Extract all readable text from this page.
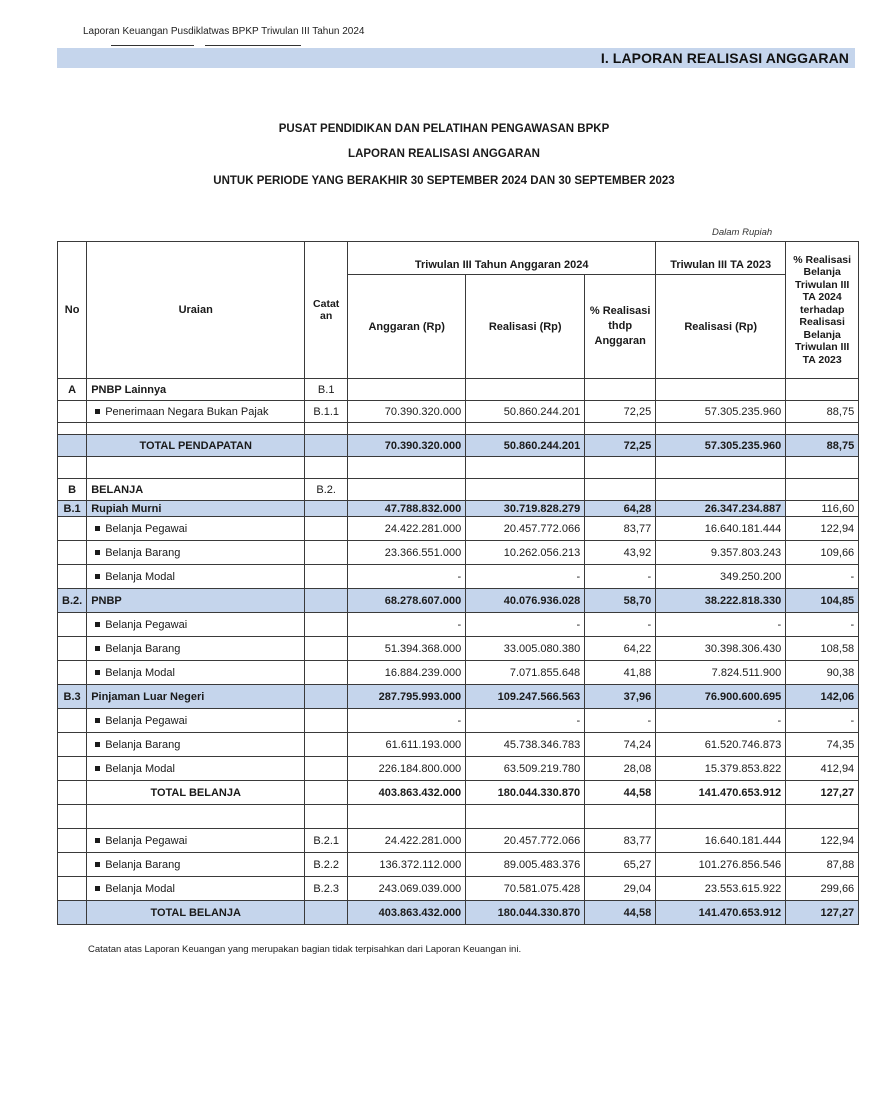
Laporan Keuangan Pusdiklatwas BPKP Triwulan III Tahun 2024
I. LAPORAN REALISASI ANGGARAN
PUSAT PENDIDIKAN DAN PELATIHAN PENGAWASAN BPKP
LAPORAN REALISASI ANGGARAN
UNTUK PERIODE YANG BERAKHIR 30 SEPTEMBER 2024 DAN 30 SEPTEMBER 2023
Dalam Rupiah
No	Uraian	Catat an	Triwulan III Tahun Anggaran 2024			Triwulan III TA 2023	% Realisasi Belanja Triwulan III TA 2024 terhadap Realisasi Belanja Triwulan III TA 2023
			Anggaran (Rp)	Realisasi (Rp)	% Realisasi thdp Anggaran	Realisasi (Rp)	
A	PNBP Lainnya	B.1					
	Penerimaan Negara Bukan Pajak	B.1.1	70.390.320.000	50.860.244.201	72,25	57.305.235.960	88,75

	TOTAL PENDAPATAN		70.390.320.000	50.860.244.201	72,25	57.305.235.960	88,75

B	BELANJA	B.2.					
B.1	Rupiah Murni		47.788.832.000	30.719.828.279	64,28	26.347.234.887	116,60
	Belanja Pegawai		24.422.281.000	20.457.772.066	83,77	16.640.181.444	122,94
	Belanja Barang		23.366.551.000	10.262.056.213	43,92	9.357.803.243	109,66
	Belanja Modal		-	-	-	349.250.200	-
B.2.	PNBP		68.278.607.000	40.076.936.028	58,70	38.222.818.330	104,85
	Belanja Pegawai		-	-	-	-	-
	Belanja Barang		51.394.368.000	33.005.080.380	64,22	30.398.306.430	108,58
	Belanja Modal		16.884.239.000	7.071.855.648	41,88	7.824.511.900	90,38
B.3	Pinjaman Luar Negeri		287.795.993.000	109.247.566.563	37,96	76.900.600.695	142,06
	Belanja Pegawai		-	-	-	-	-
	Belanja Barang		61.611.193.000	45.738.346.783	74,24	61.520.746.873	74,35
	Belanja Modal		226.184.800.000	63.509.219.780	28,08	15.379.853.822	412,94
	TOTAL BELANJA		403.863.432.000	180.044.330.870	44,58	141.470.653.912	127,27

	Belanja Pegawai	B.2.1	24.422.281.000	20.457.772.066	83,77	16.640.181.444	122,94
	Belanja Barang	B.2.2	136.372.112.000	89.005.483.376	65,27	101.276.856.546	87,88
	Belanja Modal	B.2.3	243.069.039.000	70.581.075.428	29,04	23.553.615.922	299,66
	TOTAL BELANJA		403.863.432.000	180.044.330.870	44,58	141.470.653.912	127,27
Catatan atas Laporan Keuangan yang merupakan bagian tidak terpisahkan dari Laporan Keuangan ini.
